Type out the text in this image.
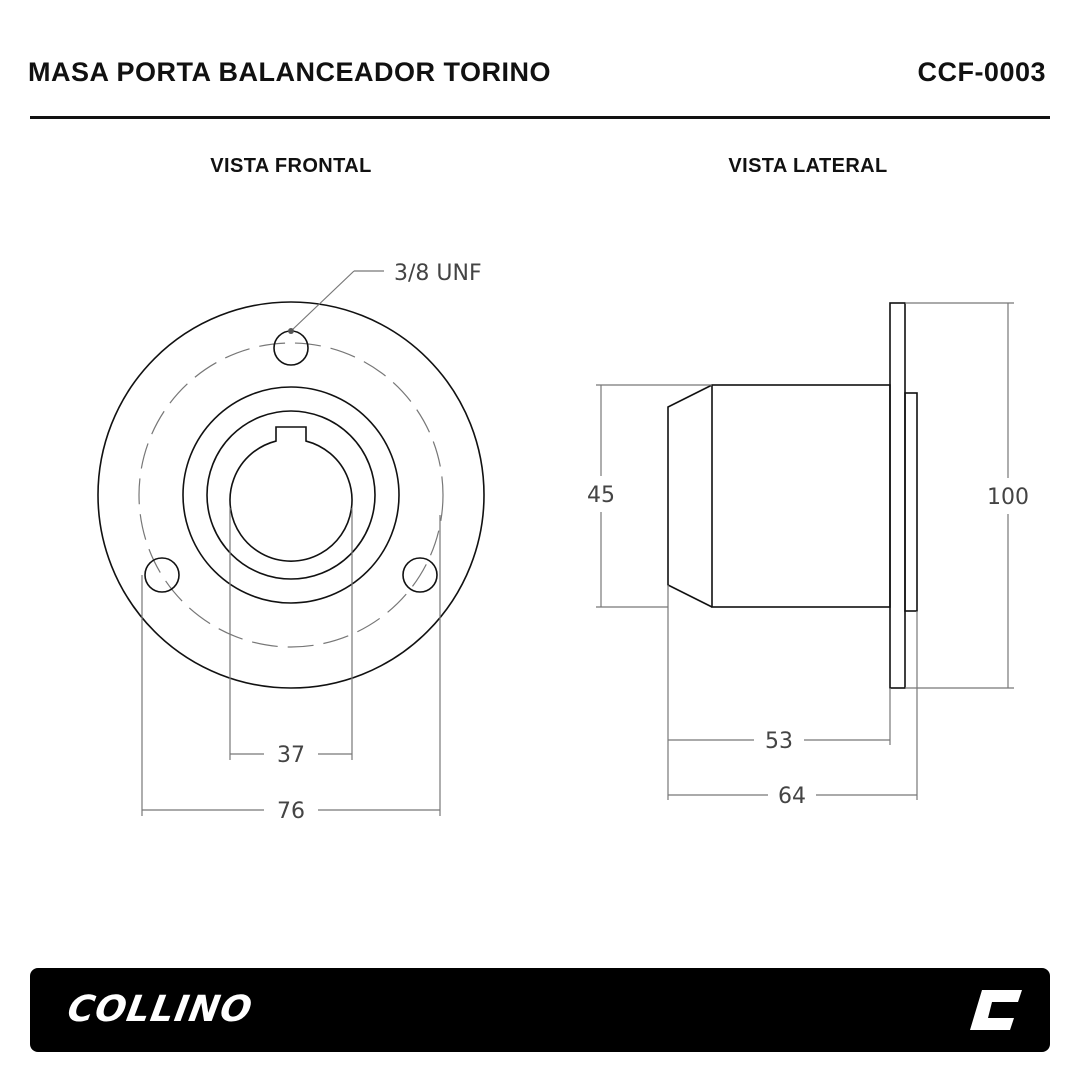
MASA PORTA BALANCEADOR TORINO	CCF-0003
VISTA FRONTAL	VISTA LATERAL
3/8 UNF
37
76
45	100
53
64
COLLINO
